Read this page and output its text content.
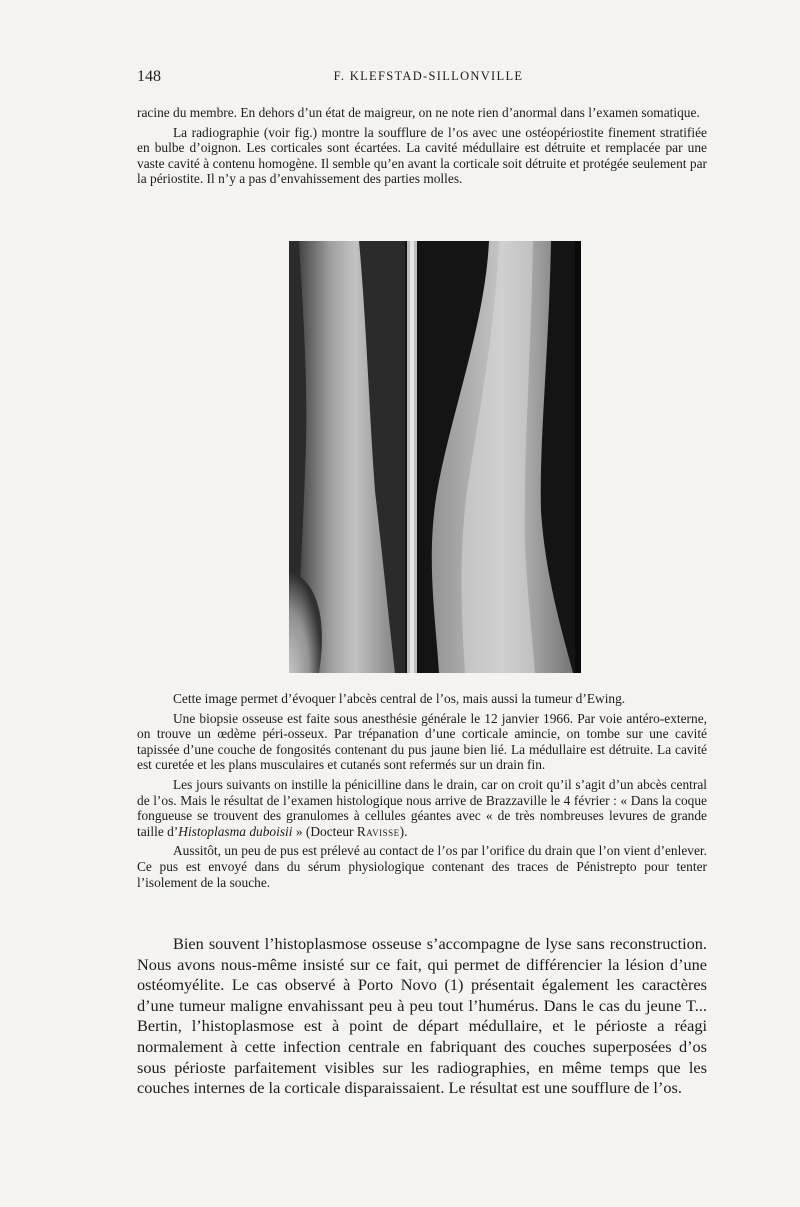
148	F. KLEFSTAD-SILLONVILLE

racine du membre. En dehors d’un état de maigreur, on ne note rien d’anormal dans l’examen somatique.

La radiographie (voir fig.) montre la soufflure de l’os avec une ostéopériostite finement stratifiée en bulbe d’oignon. Les corticales sont écartées. La cavité médullaire est détruite et remplacée par une vaste cavité à contenu homogène. Il semble qu’en avant la corticale soit détruite et protégée seulement par la périostite. Il n’y a pas d’envahissement des parties molles.

Cette image permet d’évoquer l’abcès central de l’os, mais aussi la tumeur d’Ewing.

Une biopsie osseuse est faite sous anesthésie générale le 12 janvier 1966. Par voie antéro-externe, on trouve un œdème péri-osseux. Par trépanation d’une corticale amincie, on tombe sur une cavité tapissée d’une couche de fongosités contenant du pus jaune bien lié. La médullaire est détruite. La cavité est curetée et les plans musculaires et cutanés sont refermés sur un drain fin.

Les jours suivants on instille la pénicilline dans le drain, car on croit qu’il s’agit d’un abcès central de l’os. Mais le résultat de l’examen histologique nous arrive de Brazzaville le 4 février : « Dans la coque fongueuse se trouvent des granulomes à cellules géantes avec « de très nombreuses levures de grande taille d’Histoplasma duboisii » (Docteur Ravisse).

Aussitôt, un peu de pus est prélevé au contact de l’os par l’orifice du drain que l’on vient d’enlever. Ce pus est envoyé dans du sérum physiologique contenant des traces de Pénistrepto pour tenter l’isolement de la souche.

Bien souvent l’histoplasmose osseuse s’accompagne de lyse sans reconstruction. Nous avons nous-même insisté sur ce fait, qui permet de différencier la lésion d’une ostéomyélite. Le cas observé à Porto Novo (1) présentait également les caractères d’une tumeur maligne envahissant peu à peu tout l’humérus. Dans le cas du jeune T... Bertin, l’histoplasmose est à point de départ médullaire, et le périoste a réagi normalement à cette infection centrale en fabriquant des couches superposées d’os sous périoste parfaitement visibles sur les radiographies, en même temps que les couches internes de la corticale disparaissaient. Le résultat est une soufflure de l’os.
